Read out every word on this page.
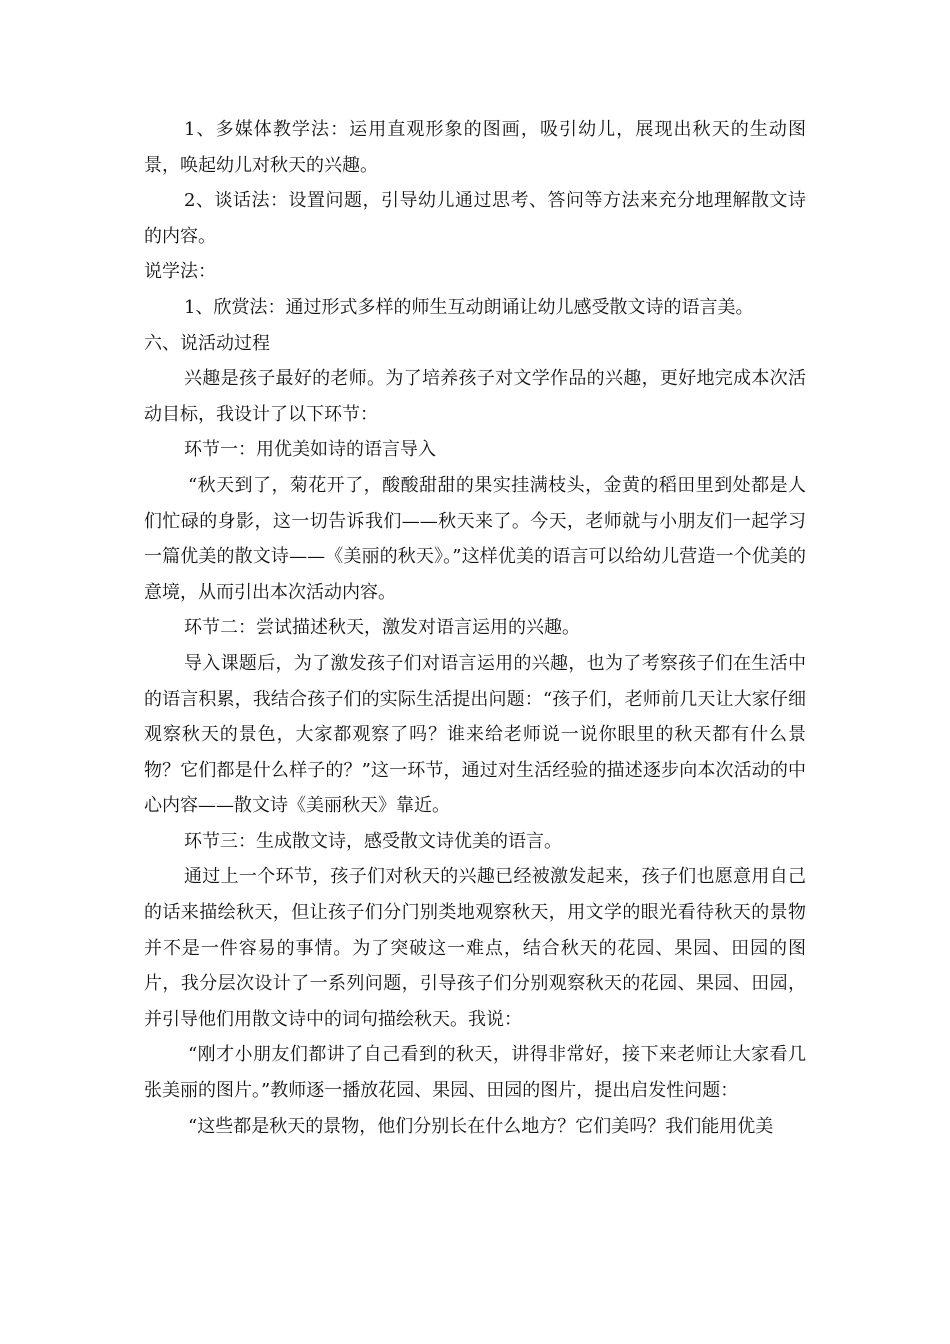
1、多媒体教学法：运用直观形象的图画，吸引幼儿，展现出秋天的生动图景，唤起幼儿对秋天的兴趣。

2、谈话法：设置问题，引导幼儿通过思考、答问等方法来充分地理解散文诗的内容。

说学法：

1、欣赏法：通过形式多样的师生互动朗诵让幼儿感受散文诗的语言美。

六、说活动过程

兴趣是孩子最好的老师。为了培养孩子对文学作品的兴趣，更好地完成本次活动目标，我设计了以下环节：

环节一：用优美如诗的语言导入

“秋天到了，菊花开了，酸酸甜甜的果实挂满枝头，金黄的稻田里到处都是人们忙碌的身影，这一切告诉我们——秋天来了。今天，老师就与小朋友们一起学习一篇优美的散文诗——《美丽的秋天》。”这样优美的语言可以给幼儿营造一个优美的意境，从而引出本次活动内容。

环节二：尝试描述秋天，激发对语言运用的兴趣。

导入课题后，为了激发孩子们对语言运用的兴趣，也为了考察孩子们在生活中的语言积累，我结合孩子们的实际生活提出问题：“孩子们，老师前几天让大家仔细观察秋天的景色，大家都观察了吗？谁来给老师说一说你眼里的秋天都有什么景物？它们都是什么样子的？”这一环节，通过对生活经验的描述逐步向本次活动的中心内容——散文诗《美丽秋天》靠近。

环节三：生成散文诗，感受散文诗优美的语言。

通过上一个环节，孩子们对秋天的兴趣已经被激发起来，孩子们也愿意用自己的话来描绘秋天，但让孩子们分门别类地观察秋天，用文学的眼光看待秋天的景物并不是一件容易的事情。为了突破这一难点，结合秋天的花园、果园、田园的图片，我分层次设计了一系列问题，引导孩子们分别观察秋天的花园、果园、田园，并引导他们用散文诗中的词句描绘秋天。我说：

“刚才小朋友们都讲了自己看到的秋天，讲得非常好，接下来老师让大家看几张美丽的图片。”教师逐一播放花园、果园、田园的图片，提出启发性问题：

“这些都是秋天的景物，他们分别长在什么地方？它们美吗？我们能用优美
